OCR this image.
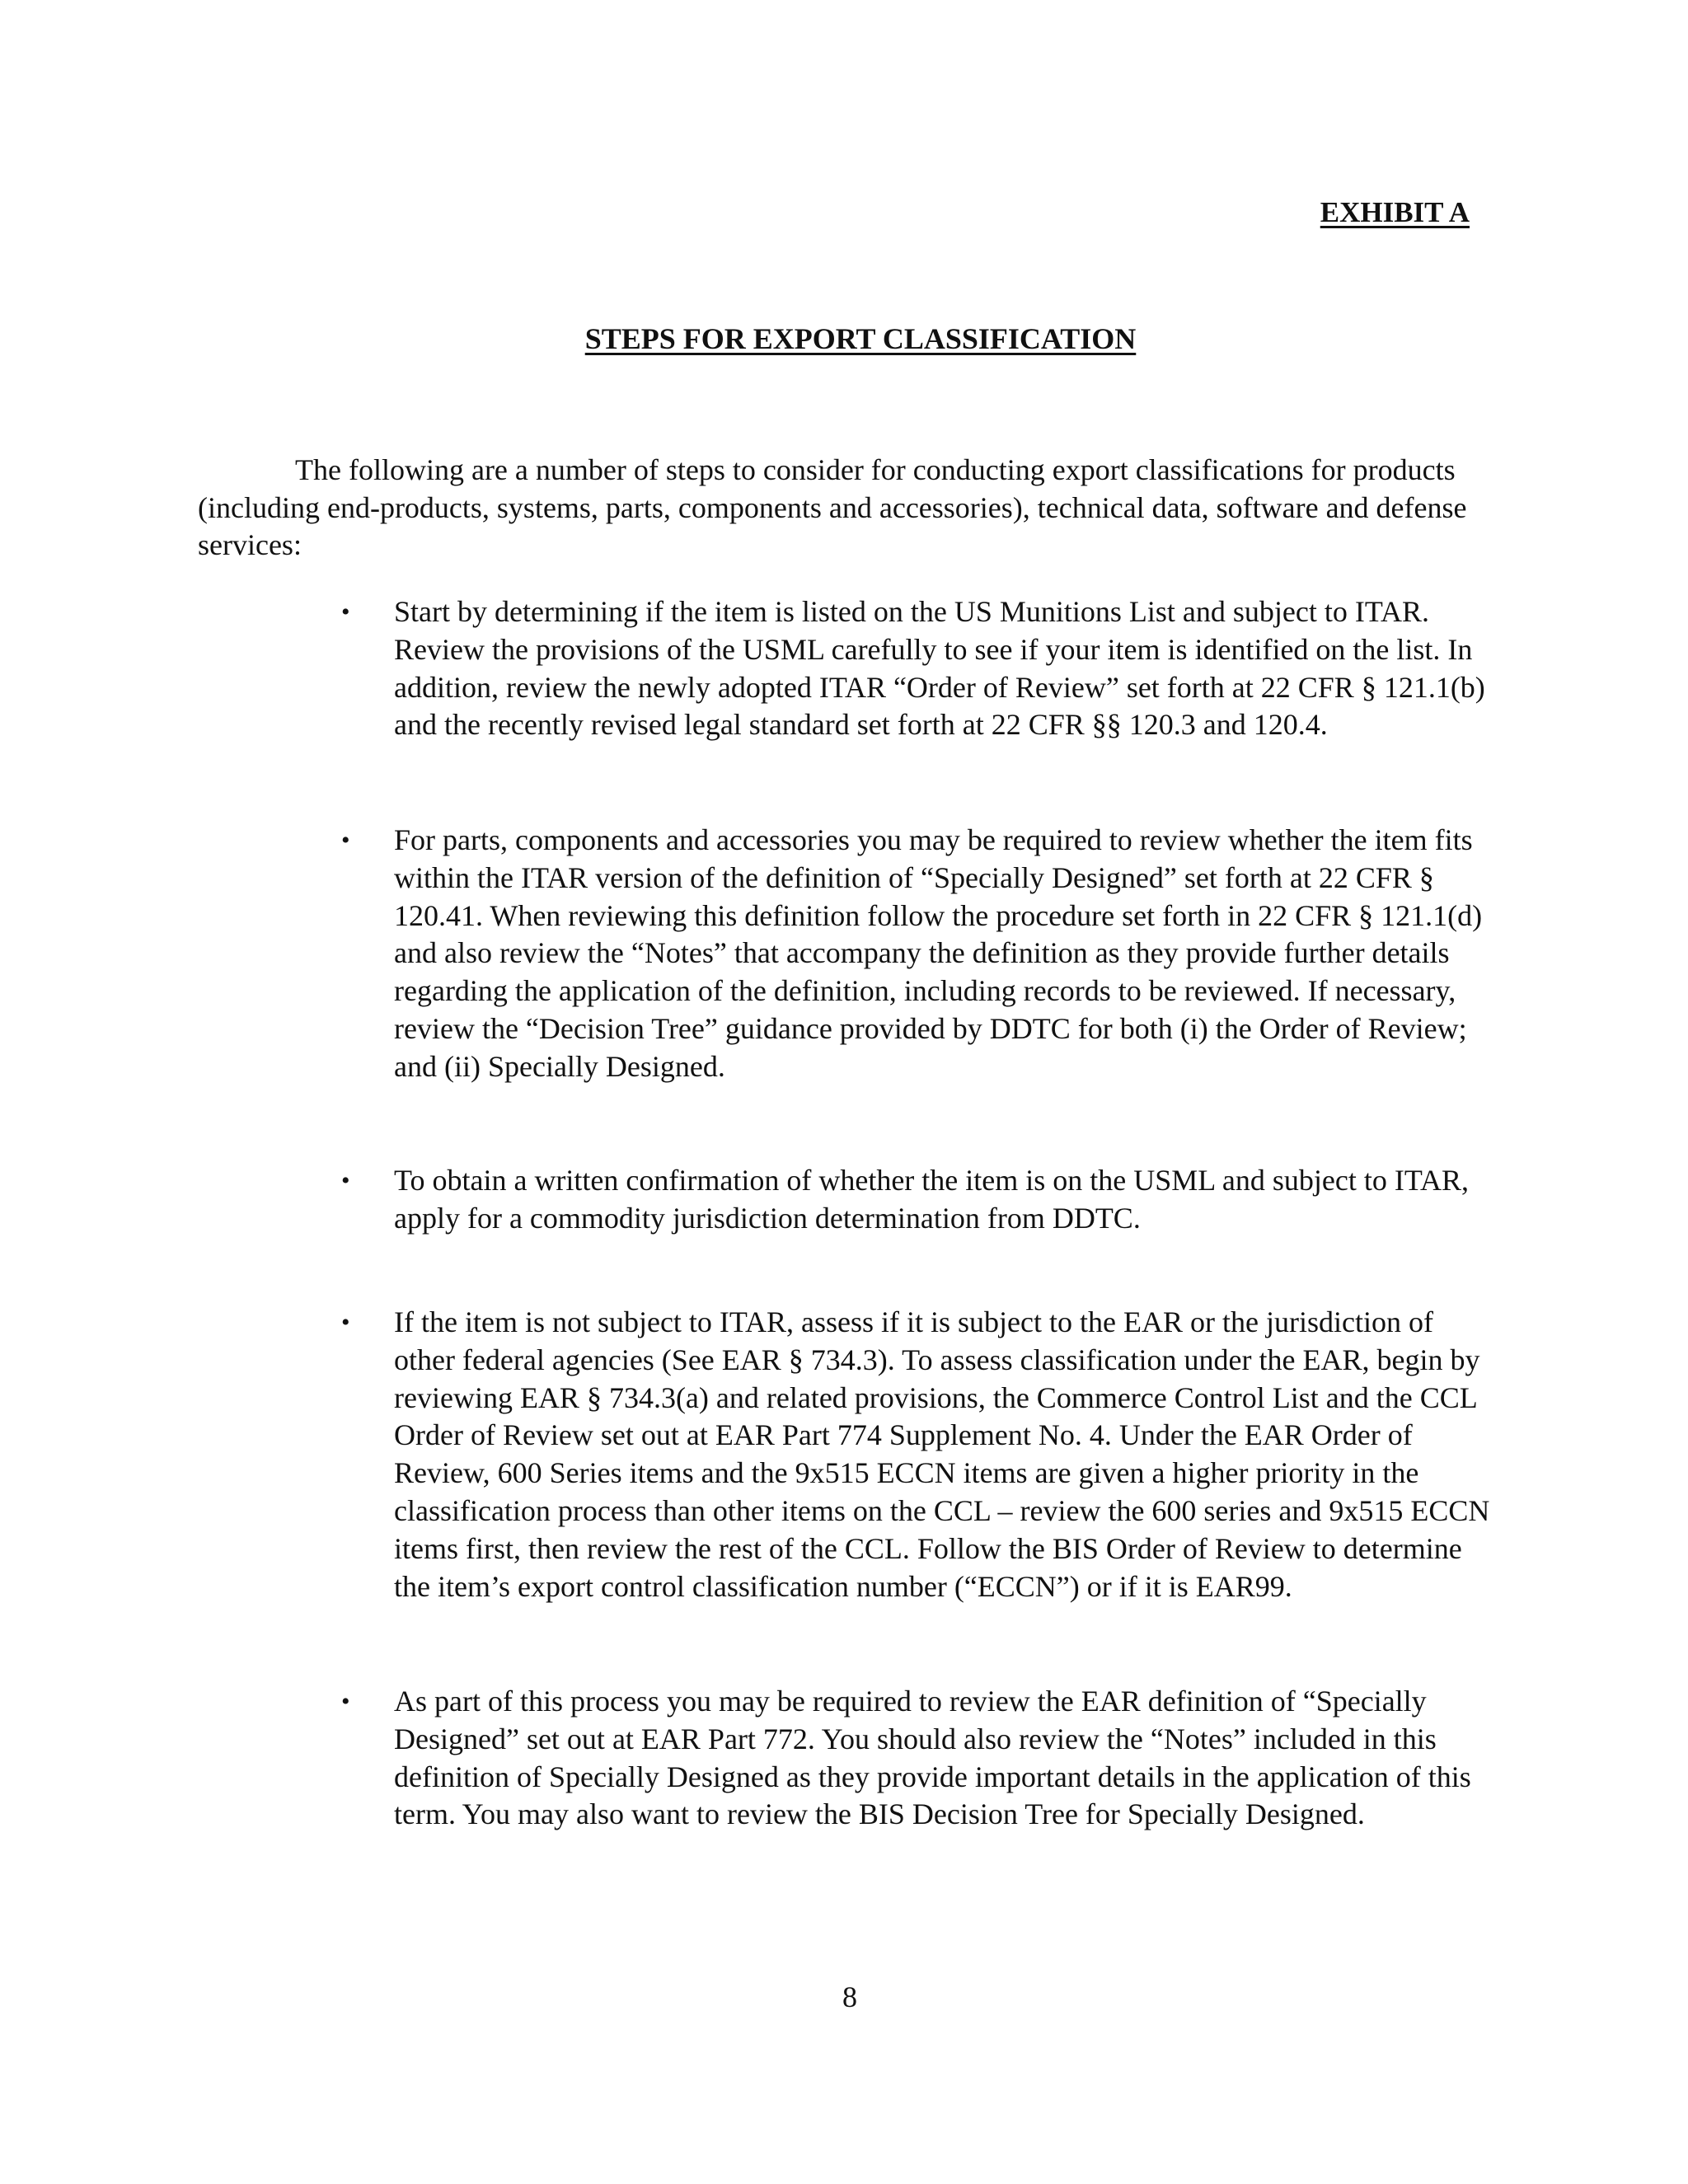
EXHIBIT A

STEPS FOR EXPORT CLASSIFICATION

The following are a number of steps to consider for conducting export classifications for products (including end-products, systems, parts, components and accessories), technical data, software and defense services:

• Start by determining if the item is listed on the US Munitions List and subject to ITAR. Review the provisions of the USML carefully to see if your item is identified on the list. In addition, review the newly adopted ITAR “Order of Review” set forth at 22 CFR § 121.1(b) and the recently revised legal standard set forth at 22 CFR §§ 120.3 and 120.4.
• For parts, components and accessories you may be required to review whether the item fits within the ITAR version of the definition of “Specially Designed” set forth at 22 CFR § 120.41. When reviewing this definition follow the procedure set forth in 22 CFR § 121.1(d) and also review the “Notes” that accompany the definition as they provide further details regarding the application of the definition, including records to be reviewed. If necessary, review the “Decision Tree” guidance provided by DDTC for both (i) the Order of Review; and (ii) Specially Designed.
• To obtain a written confirmation of whether the item is on the USML and subject to ITAR, apply for a commodity jurisdiction determination from DDTC.
• If the item is not subject to ITAR, assess if it is subject to the EAR or the jurisdiction of other federal agencies (See EAR § 734.3). To assess classification under the EAR, begin by reviewing EAR § 734.3(a) and related provisions, the Commerce Control List and the CCL Order of Review set out at EAR Part 774 Supplement No. 4. Under the EAR Order of Review, 600 Series items and the 9x515 ECCN items are given a higher priority in the classification process than other items on the CCL – review the 600 series and 9x515 ECCN items first, then review the rest of the CCL. Follow the BIS Order of Review to determine the item’s export control classification number (“ECCN”) or if it is EAR99.
• As part of this process you may be required to review the EAR definition of “Specially Designed” set out at EAR Part 772. You should also review the “Notes” included in this definition of Specially Designed as they provide important details in the application of this term. You may also want to review the BIS Decision Tree for Specially Designed.

8
